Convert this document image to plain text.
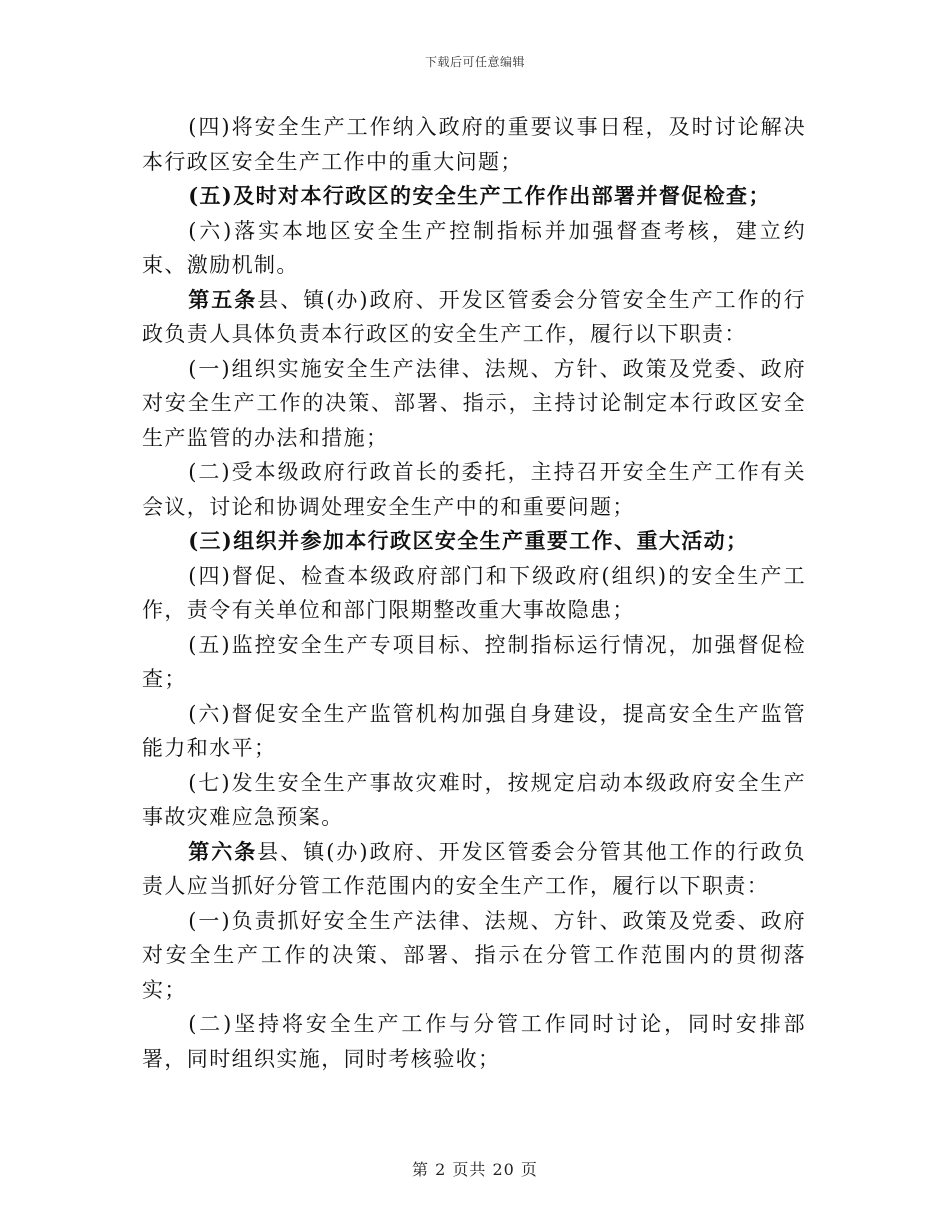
下载后可任意编辑

(四)将安全生产工作纳入政府的重要议事日程，及时讨论解决本行政区安全生产工作中的重大问题；

(五)及时对本行政区的安全生产工作作出部署并督促检查；

(六)落实本地区安全生产控制指标并加强督查考核，建立约束、激励机制。

第五条县、镇(办)政府、开发区管委会分管安全生产工作的行政负责人具体负责本行政区的安全生产工作，履行以下职责：

(一)组织实施安全生产法律、法规、方针、政策及党委、政府对安全生产工作的决策、部署、指示，主持讨论制定本行政区安全生产监管的办法和措施；

(二)受本级政府行政首长的委托，主持召开安全生产工作有关会议，讨论和协调处理安全生产中的和重要问题；

(三)组织并参加本行政区安全生产重要工作、重大活动；

(四)督促、检查本级政府部门和下级政府(组织)的安全生产工作，责令有关单位和部门限期整改重大事故隐患；

(五)监控安全生产专项目标、控制指标运行情况，加强督促检查；

(六)督促安全生产监管机构加强自身建设，提高安全生产监管能力和水平；

(七)发生安全生产事故灾难时，按规定启动本级政府安全生产事故灾难应急预案。

第六条县、镇(办)政府、开发区管委会分管其他工作的行政负责人应当抓好分管工作范围内的安全生产工作，履行以下职责：

(一)负责抓好安全生产法律、法规、方针、政策及党委、政府对安全生产工作的决策、部署、指示在分管工作范围内的贯彻落实；

(二)坚持将安全生产工作与分管工作同时讨论，同时安排部署，同时组织实施，同时考核验收；

第 2 页共 20 页
